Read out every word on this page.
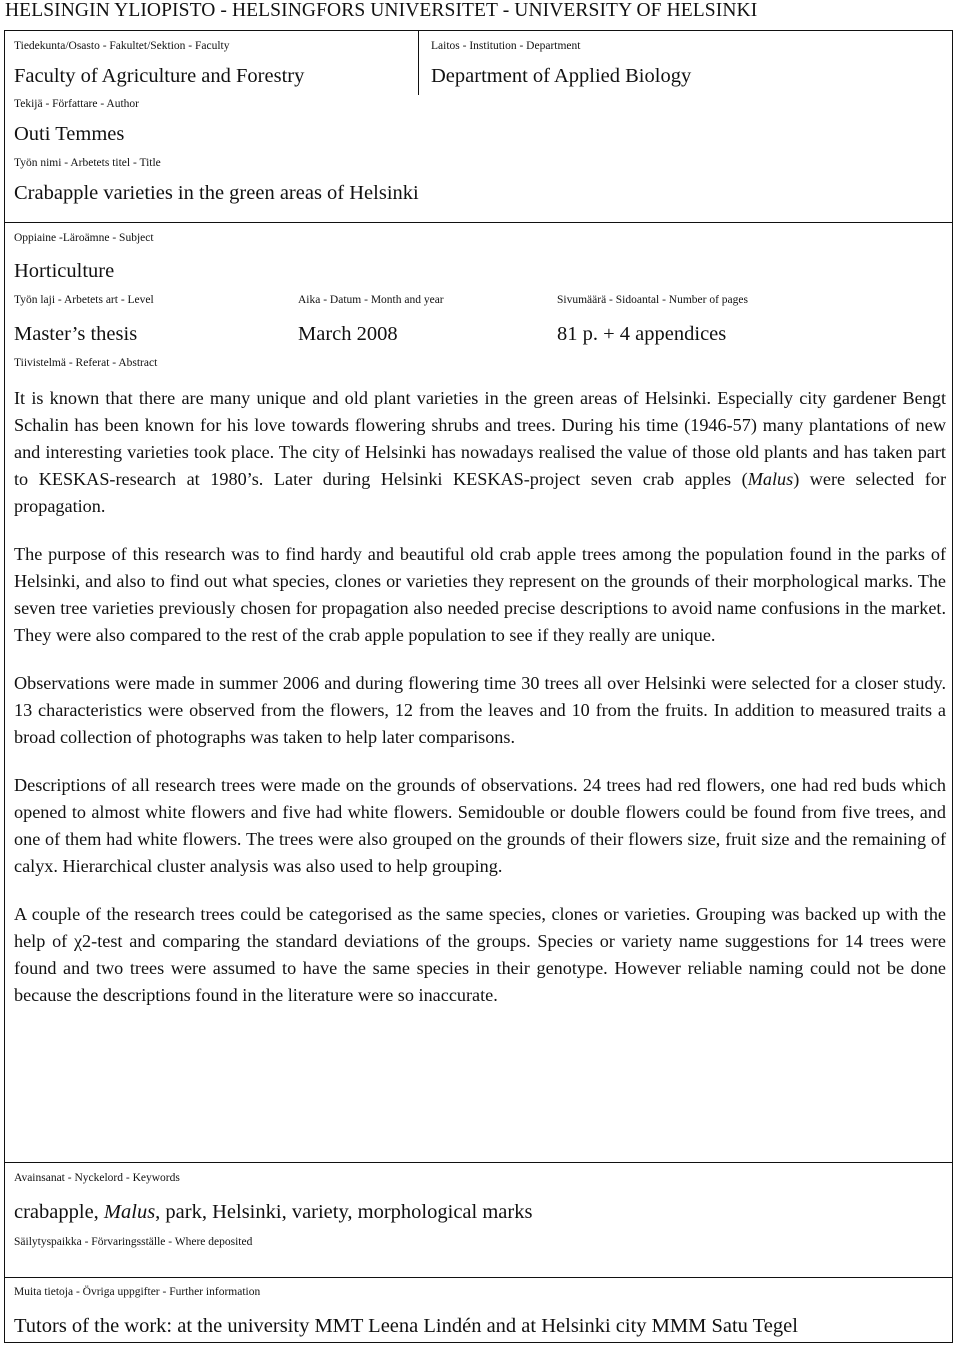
HELSINGIN YLIOPISTO - HELSINGFORS UNIVERSITET - UNIVERSITY OF HELSINKI
Tiedekunta/Osasto - Fakultet/Sektion - Faculty
Faculty of Agriculture and Forestry
Laitos - Institution - Department
Department of Applied Biology
Tekijä - Författare - Author
Outi Temmes
Työn nimi - Arbetets titel - Title
Crabapple varieties in the green areas of Helsinki
Oppiaine -Läroämne - Subject
Horticulture
Työn laji - Arbetets art - Level
Master’s thesis
Aika - Datum - Month and year
March 2008
Sivumäärä - Sidoantal - Number of pages
81 p. + 4 appendices
Tiivistelmä - Referat - Abstract

It is known that there are many unique and old plant varieties in the green areas of Helsinki. Especially city gardener Bengt Schalin has been known for his love towards flowering shrubs and trees. During his time (1946-57) many plantations of new and interesting varieties took place. The city of Helsinki has nowadays realised the value of those old plants and has taken part to KESKAS-research at 1980’s. Later during Helsinki KESKAS-project seven crab apples (Malus) were selected for propagation.

The purpose of this research was to find hardy and beautiful old crab apple trees among the population found in the parks of Helsinki, and also to find out what species, clones or varieties they represent on the grounds of their morphological marks. The seven tree varieties previously chosen for propagation also needed precise descriptions to avoid name confusions in the market. They were also compared to the rest of the crab apple population to see if they really are unique.

Observations were made in summer 2006 and during flowering time 30 trees all over Helsinki were selected for a closer study. 13 characteristics were observed from the flowers, 12 from the leaves and 10 from the fruits. In addition to measured traits a broad collection of photographs was taken to help later comparisons.

Descriptions of all research trees were made on the grounds of observations. 24 trees had red flowers, one had red buds which opened to almost white flowers and five had white flowers. Semidouble or double flowers could be found from five trees, and one of them had white flowers. The trees were also grouped on the grounds of their flowers size, fruit size and the remaining of calyx. Hierarchical cluster analysis was also used to help grouping.

A couple of the research trees could be categorised as the same species, clones or varieties. Grouping was backed up with the help of χ2-test and comparing the standard deviations of the groups. Species or variety name suggestions for 14 trees were found and two trees were assumed to have the same species in their genotype. However reliable naming could not be done because the descriptions found in the literature were so inaccurate.

Avainsanat - Nyckelord - Keywords
crabapple, Malus, park, Helsinki, variety, morphological marks
Säilytyspaikka - Förvaringsställe - Where deposited
Muita tietoja - Övriga uppgifter - Further information
Tutors of the work: at the university MMT Leena Lindén and at Helsinki city MMM Satu Tegel
